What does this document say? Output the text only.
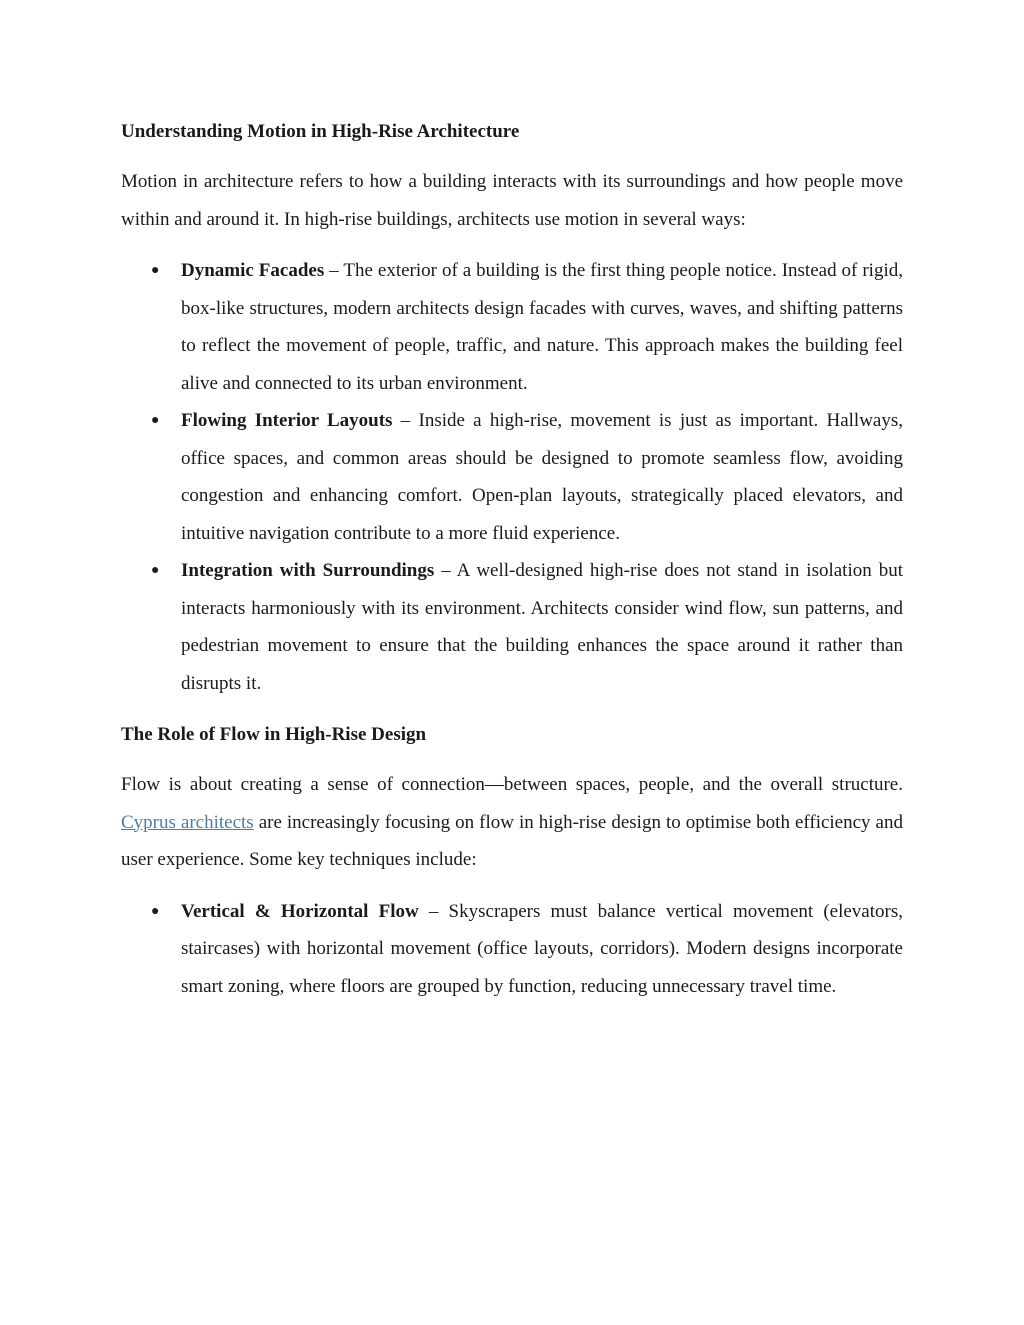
Understanding Motion in High-Rise Architecture

Motion in architecture refers to how a building interacts with its surroundings and how people move within and around it. In high-rise buildings, architects use motion in several ways:

● Dynamic Facades – The exterior of a building is the first thing people notice. Instead of rigid, box-like structures, modern architects design facades with curves, waves, and shifting patterns to reflect the movement of people, traffic, and nature. This approach makes the building feel alive and connected to its urban environment.
● Flowing Interior Layouts – Inside a high-rise, movement is just as important. Hallways, office spaces, and common areas should be designed to promote seamless flow, avoiding congestion and enhancing comfort. Open-plan layouts, strategically placed elevators, and intuitive navigation contribute to a more fluid experience.
● Integration with Surroundings – A well-designed high-rise does not stand in isolation but interacts harmoniously with its environment. Architects consider wind flow, sun patterns, and pedestrian movement to ensure that the building enhances the space around it rather than disrupts it.
The Role of Flow in High-Rise Design

Flow is about creating a sense of connection—between spaces, people, and the overall structure. Cyprus architects are increasingly focusing on flow in high-rise design to optimise both efficiency and user experience. Some key techniques include:

● Vertical & Horizontal Flow – Skyscrapers must balance vertical movement (elevators, staircases) with horizontal movement (office layouts, corridors). Modern designs incorporate smart zoning, where floors are grouped by function, reducing unnecessary travel time.
